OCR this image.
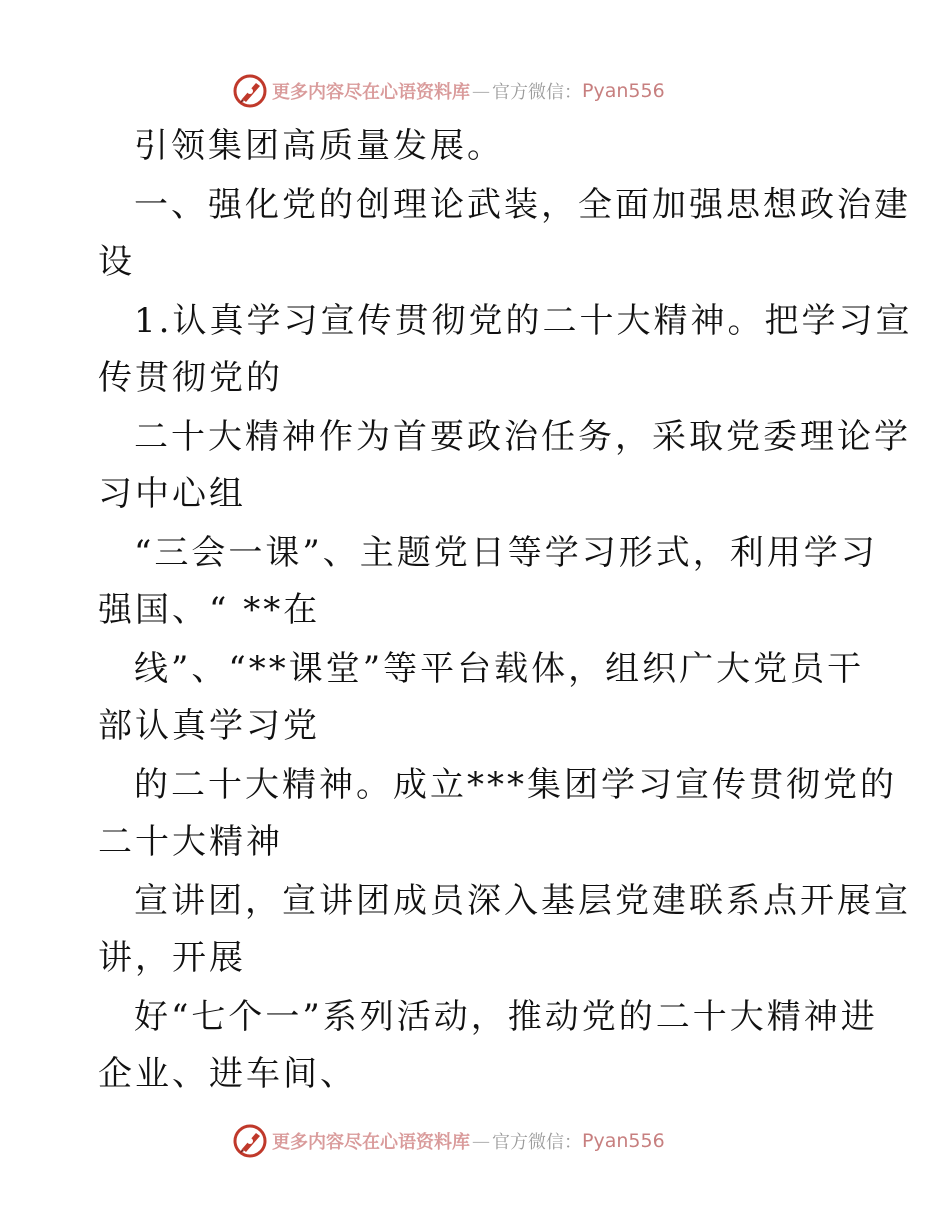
更多内容尽在心语资料库 — 官方微信： Pyan556
引领集团高质量发展。
一、强化党的创理论武装，全面加强思想政治建
设
1.认真学习宣传贯彻党的二十大精神。把学习宣
传贯彻党的
二十大精神作为首要政治任务，采取党委理论学
习中心组
“三会一课”、主题党日等学习形式，利用学习
强国、“ **在
线”、“**课堂”等平台载体，组织广大党员干
部认真学习党
的二十大精神。成立***集团学习宣传贯彻党的
二十大精神
宣讲团，宣讲团成员深入基层党建联系点开展宣
讲，开展
好“七个一”系列活动，推动党的二十大精神进
企业、进车间、
更多内容尽在心语资料库 — 官方微信： Pyan556
